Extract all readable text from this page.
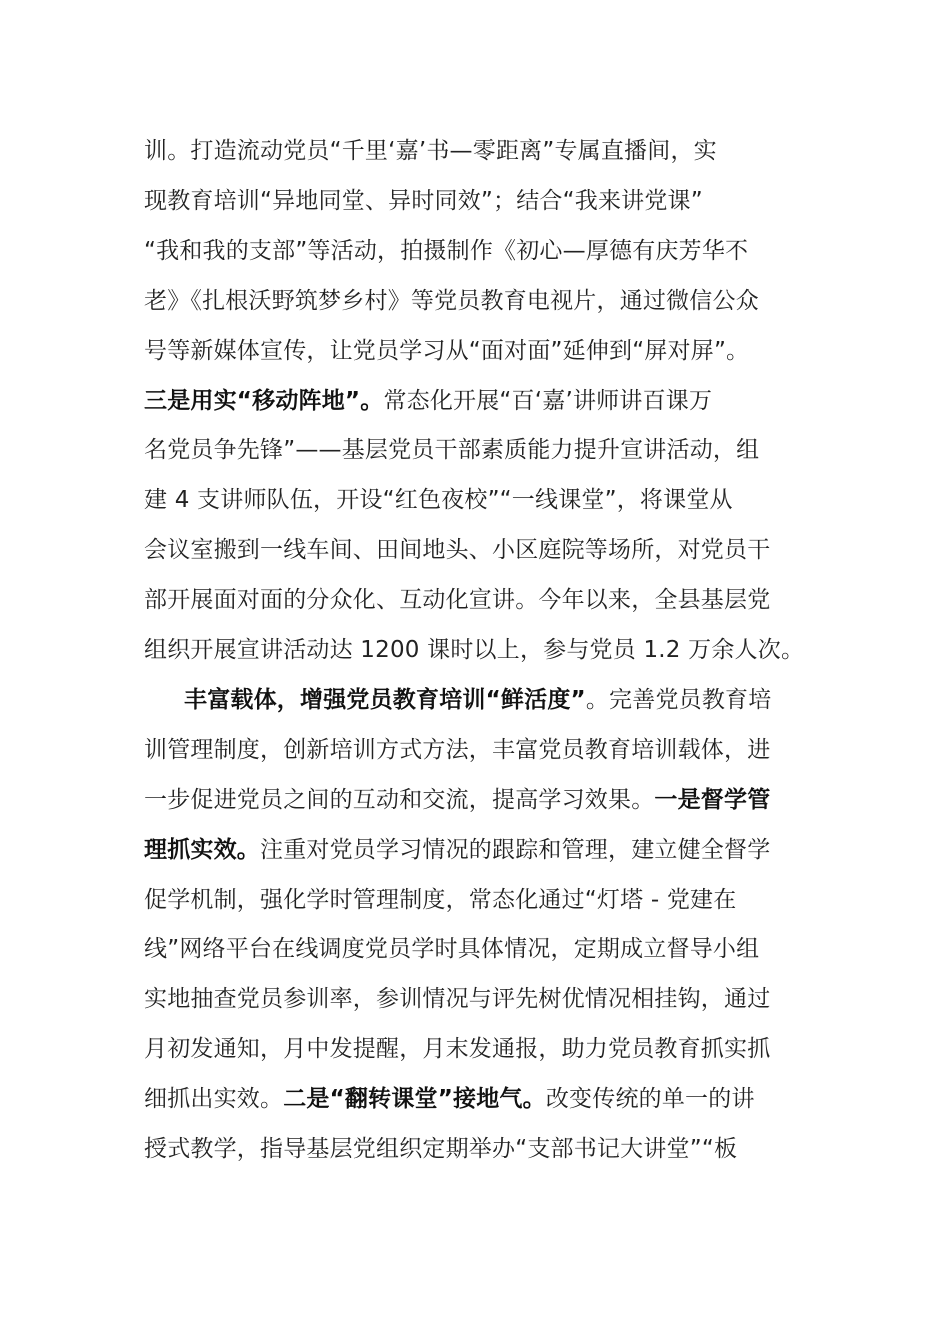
训。打造流动党员“千里‘嘉’书—零距离”专属直播间，实
现教育培训“异地同堂、异时同效”；结合“我来讲党课”
“我和我的支部”等活动，拍摄制作《初心—厚德有庆芳华不
老》《扎根沃野筑梦乡村》等党员教育电视片，通过微信公众
号等新媒体宣传，让党员学习从“面对面”延伸到“屏对屏”。
三是用实“移动阵地”。常态化开展“百‘嘉’讲师讲百课万
名党员争先锋”——基层党员干部素质能力提升宣讲活动，组
建 4 支讲师队伍，开设“红色夜校”“一线课堂”，将课堂从
会议室搬到一线车间、田间地头、小区庭院等场所，对党员干
部开展面对面的分众化、互动化宣讲。今年以来，全县基层党
组织开展宣讲活动达 1200 课时以上，参与党员 1.2 万余人次。
丰富载体，增强党员教育培训“鲜活度”。完善党员教育培
训管理制度，创新培训方式方法，丰富党员教育培训载体，进
一步促进党员之间的互动和交流，提高学习效果。一是督学管
理抓实效。注重对党员学习情况的跟踪和管理，建立健全督学
促学机制，强化学时管理制度，常态化通过“灯塔 - 党建在
线”网络平台在线调度党员学时具体情况，定期成立督导小组
实地抽查党员参训率，参训情况与评先树优情况相挂钩，通过
月初发通知，月中发提醒，月末发通报，助力党员教育抓实抓
细抓出实效。二是“翻转课堂”接地气。改变传统的单一的讲
授式教学，指导基层党组织定期举办“支部书记大讲堂”“板
